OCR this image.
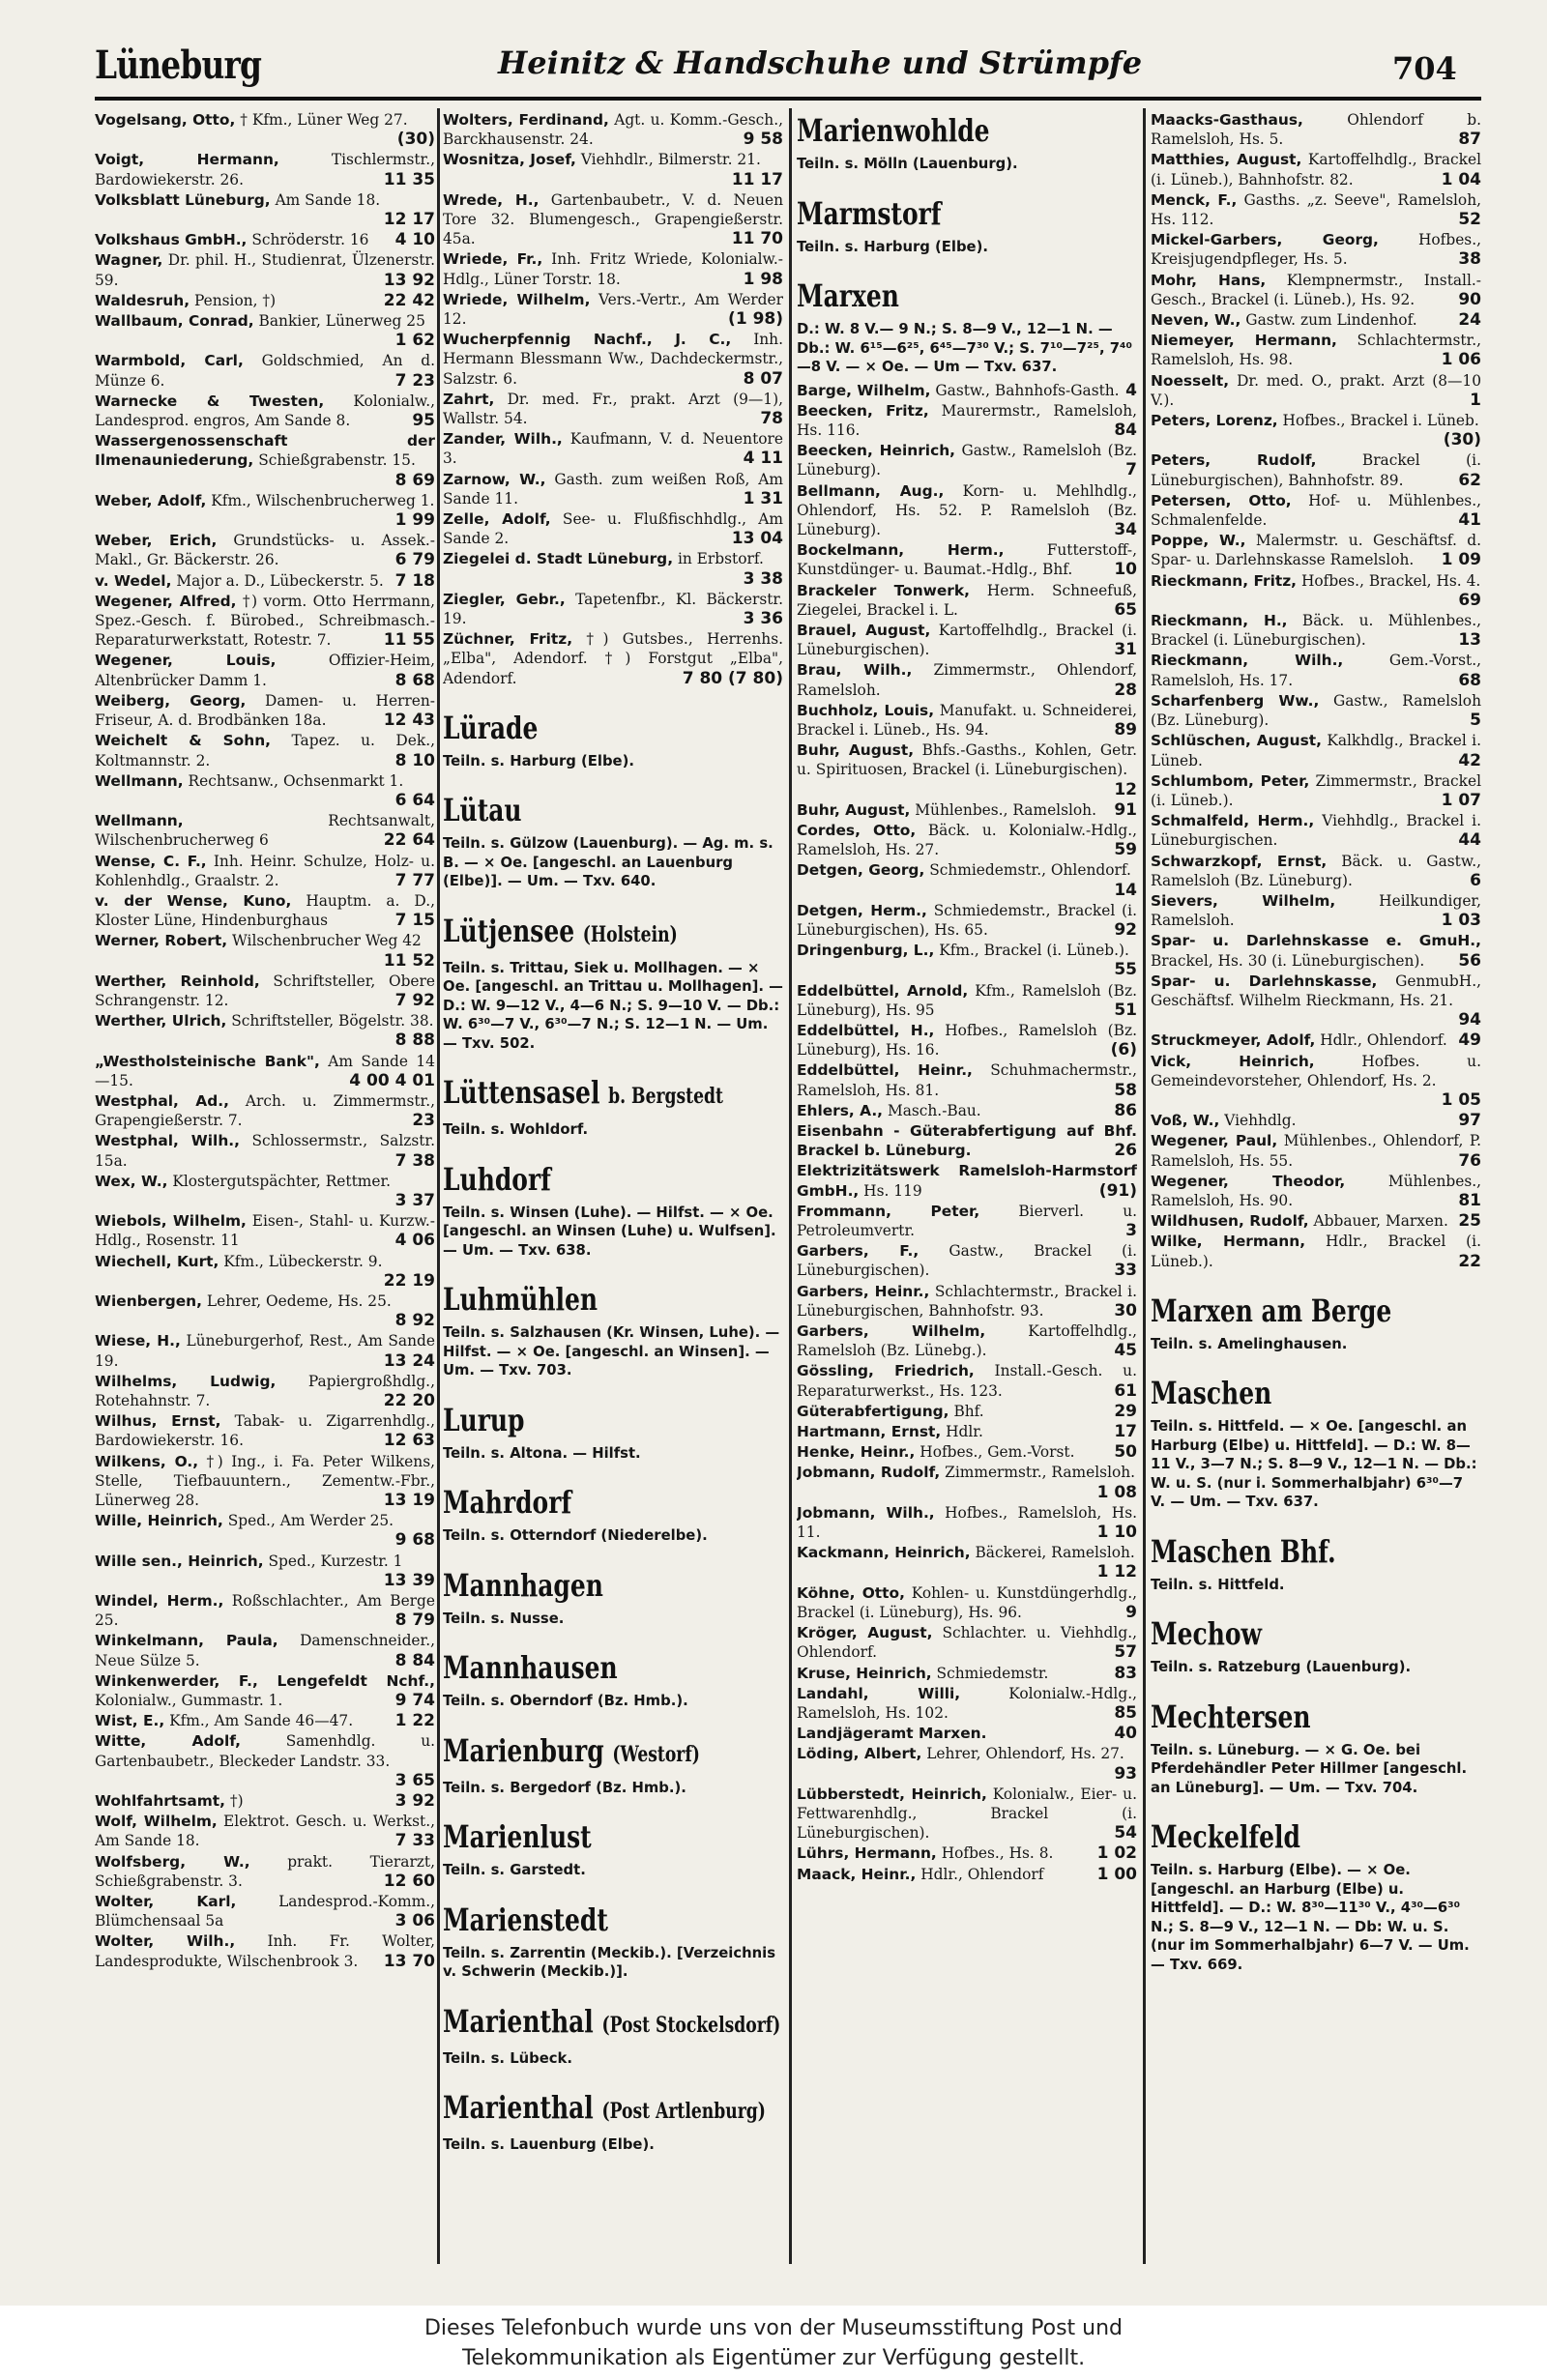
Lüneburg	Heinitz & Handschuhe und Strümpfe	704
Vogelsang, Otto, † Kfm., Lüner Weg 27.
(30)
Voigt, Hermann,	Tischlermstr., Bardowiekerstr. 26.	11 35
Volksblatt Lüneburg, Am Sande 18.
12 17
Volkshaus GmbH., Schröderstr. 16	4 10
Wagner, Dr. phil. H., Studienrat, Ülzenerstr. 59.	13 92
Waldesruh, Pension, †)	22 42
Wallbaum, Conrad, Bankier, Lünerweg 25
1 62
Warmbold, Carl, Goldschmied, An d. Münze 6.	7 23
Warnecke & Twesten, Kolonialw., Landesprod. engros, Am Sande 8.	95
Wassergenossenschaft der Ilmenauniederung, Schießgrabenstr. 15.
8 69
Weber, Adolf, Kfm., Wilschenbrucherweg 1.
1 99
Weber, Erich, Grundstücks- u. Assek.-Makl., Gr. Bäckerstr. 26.	6 79
v. Wedel, Major a. D., Lübeckerstr. 5. 7 18
Wegener, Alfred, †) vorm. Otto Herrmann, Spez.-Gesch. f. Bürobed., Schreibmasch.-Reparaturwerkstatt, Rotestr. 7.	11 55
Wegener, Louis,	Offizier-Heim, Altenbrücker Damm 1.	8 68
Weiberg, Georg, Damen- u. Herren-Friseur, A. d. Brodbänken 18a.	12 43
Weichelt & Sohn, Tapez. u. Dek., Koltmannstr. 2.	8 10
Wellmann, Rechtsanw., Ochsenmarkt 1.
6 64
Wellmann,	Rechtsanwalt, Wilschenbrucherweg 6	22 64
Wense, C. F., Inh. Heinr. Schulze, Holz- u. Kohlenhdlg., Graalstr. 2.	7 77
v. der Wense, Kuno, Hauptm. a. D., Kloster Lüne, Hindenburghaus	7 15
Werner, Robert, Wilschenbrucher Weg 42
11 52
Werther, Reinhold, Schriftsteller, Obere Schrangenstr. 12.	7 92
Werther, Ulrich, Schriftsteller, Bögelstr. 38.
8 88
„Westholsteinische Bank", Am Sande 14—15.	4 00 4 01
Westphal, Ad., Arch. u. Zimmermstr., Grapengießerstr. 7.	23
Westphal, Wilh., Schlossermstr., Salzstr. 15a.	7 38
Wex, W., Klostergutspächter, Rettmer.
3 37
Wiebols, Wilhelm, Eisen-, Stahl- u. Kurzw.-Hdlg., Rosenstr. 11	4 06
Wiechell, Kurt, Kfm., Lübeckerstr. 9.
22 19
Wienbergen, Lehrer, Oedeme, Hs. 25.
8 92
Wiese, H., Lüneburgerhof, Rest., Am Sande 19.	13 24
Wilhelms, Ludwig, Papiergroßhdlg., Rotehahnstr. 7.	22 20
Wilhus, Ernst, Tabak- u. Zigarrenhdlg., Bardowiekerstr. 16.	12 63
Wilkens, O., †) Ing., i. Fa. Peter Wilkens, Stelle, Tiefbauuntern., Zementw.-Fbr., Lünerweg 28.	13 19
Wille, Heinrich, Sped., Am Werder 25.
9 68
Wille sen., Heinrich, Sped., Kurzestr. 1
13 39
Windel, Herm., Roßschlachter., Am Berge 25.	8 79
Winkelmann, Paula, Damenschneider., Neue Sülze 5.	8 84
Winkenwerder, F., Lengefeldt Nchf., Kolonialw., Gummastr. 1.	9 74
Wist, E., Kfm., Am Sande 46—47.	1 22
Witte, Adolf,	Samenhdlg. u. Gartenbaubetr., Bleckeder Landstr. 33.
3 65
Wohlfahrtsamt, †)	3 92
Wolf, Wilhelm, Elektrot. Gesch. u. Werkst., Am Sande 18.	7 33
Wolfsberg, W.,	prakt. Tierarzt, Schießgrabenstr. 3.	12 60
Wolter, Karl,	Landesprod.-Komm., Blümchensaal 5a	3 06
Wolter, Wilh., Inh. Fr. Wolter, Landesprodukte, Wilschenbrook 3.	13 70
Wolters, Ferdinand, Agt. u. Komm.-Gesch., Barckhausenstr. 24.	9 58
Wosnitza, Josef, Viehhdlr., Bilmerstr. 21.
11 17
Wrede, H., Gartenbaubetr., V. d. Neuen Tore 32. Blumengesch., Grapengießerstr. 45a.	11 70
Wriede, Fr., Inh. Fritz Wriede, Kolonialw.-Hdlg., Lüner Torstr. 18.	1 98
Wriede, Wilhelm, Vers.-Vertr., Am Werder 12.	(1 98)
Wucherpfennig Nachf., J. C., Inh. Hermann Blessmann Ww., Dachdeckermstr., Salzstr. 6.	8 07
Zahrt, Dr. med. Fr., prakt. Arzt (9—1), Wallstr. 54.	78
Zander, Wilh., Kaufmann, V. d. Neuentore 3.	4 11
Zarnow, W., Gasth. zum weißen Roß, Am Sande 11.	1 31
Zelle, Adolf, See- u. Flußfischhdlg., Am Sande 2.	13 04
Ziegelei d. Stadt Lüneburg, in Erbstorf.
3 38
Ziegler, Gebr., Tapetenfbr., Kl. Bäckerstr. 19.	3 36
Züchner, Fritz, †) Gutsbes., Herrenhs. „Elba", Adendorf. †) Forstgut „Elba", Adendorf.	7 80 (7 80)
Lürade
Teiln. s. Harburg (Elbe).
Lütau
Teiln. s. Gülzow (Lauenburg). — Ag. m. s. B. — × Oe. [angeschl. an Lauenburg (Elbe)]. — Um. — Txv. 640.
Lütjensee (Holstein)
Teiln. s. Trittau, Siek u. Mollhagen. — × Oe. [angeschl. an Trittau u. Mollhagen]. — D.: W. 9—12 V., 4—6 N.; S. 9—10 V. — Db.: W. 6³⁰—7 V., 6³⁰—7 N.; S. 12—1 N. — Um. — Txv. 502.
Lüttensasel b. Bergstedt
Teiln. s. Wohldorf.
Luhdorf
Teiln. s. Winsen (Luhe). — Hilfst. — × Oe. [angeschl. an Winsen (Luhe) u. Wulfsen]. — Um. — Txv. 638.
Luhmühlen
Teiln. s. Salzhausen (Kr. Winsen, Luhe). — Hilfst. — × Oe. [angeschl. an Winsen]. — Um. — Txv. 703.
Lurup
Teiln. s. Altona. — Hilfst.
Mahrdorf
Teiln. s. Otterndorf (Niederelbe).
Mannhagen
Teiln. s. Nusse.
Mannhausen
Teiln. s. Oberndorf (Bz. Hmb.).
Marienburg (Westorf)
Teiln. s. Bergedorf (Bz. Hmb.).
Marienlust
Teiln. s. Garstedt.
Marienstedt
Teiln. s. Zarrentin (Meckib.). [Verzeichnis v. Schwerin (Meckib.)].
Marienthal (Post Stockelsdorf)
Teiln. s. Lübeck.
Marienthal (Post Artlenburg)
Teiln. s. Lauenburg (Elbe).
Marienwohlde
Teiln. s. Mölln (Lauenburg).
Marmstorf
Teiln. s. Harburg (Elbe).
Marxen
D.: W. 8 V.— 9 N.; S. 8—9 V., 12—1 N. — Db.: W. 6¹⁵—6²⁵, 6⁴⁵—7³⁰ V.; S. 7¹⁰—7²⁵, 7⁴⁰—8 V. — × Oe. — Um — Txv. 637.
Barge, Wilhelm, Gastw., Bahnhofs-Gasth. 4
Beecken, Fritz, Maurermstr., Ramelsloh, Hs. 116.	84
Beecken, Heinrich, Gastw., Ramelsloh (Bz. Lüneburg).	7
Bellmann, Aug., Korn- u. Mehlhdlg., Ohlendorf, Hs. 52. P. Ramelsloh (Bz. Lüneburg).	34
Bockelmann, Herm.,	Futterstoff-, Kunstdünger- u. Baumat.-Hdlg., Bhf.	10
Brackeler Tonwerk, Herm. Schneefuß, Ziegelei, Brackel i. L.	65
Brauel, August, Kartoffelhdlg., Brackel (i. Lüneburgischen).	31
Brau, Wilh., Zimmermstr., Ohlendorf, Ramelsloh.	28
Buchholz, Louis, Manufakt. u. Schneiderei, Brackel i. Lüneb., Hs. 94.	89
Buhr, August, Bhfs.-Gasths., Kohlen, Getr. u. Spirituosen, Brackel (i. Lüneburgischen).
12
Buhr, August, Mühlenbes., Ramelsloh.	91
Cordes, Otto, Bäck. u. Kolonialw.-Hdlg., Ramelsloh, Hs. 27.	59
Detgen, Georg, Schmiedemstr., Ohlendorf.
14
Detgen, Herm., Schmiedemstr., Brackel (i. Lüneburgischen), Hs. 65.	92
Dringenburg, L., Kfm., Brackel (i. Lüneb.).
55
Eddelbüttel, Arnold, Kfm., Ramelsloh (Bz. Lüneburg), Hs. 95	51
Eddelbüttel, H., Hofbes., Ramelsloh (Bz. Lüneburg), Hs. 16.	(6)
Eddelbüttel, Heinr., Schuhmachermstr., Ramelsloh, Hs. 81.	58
Ehlers, A., Masch.-Bau.	86
Eisenbahn - Güterabfertigung auf Bhf. Brackel b. Lüneburg.	26
Elektrizitätswerk Ramelsloh-Harmstorf GmbH., Hs. 119	(91)
Frommann, Peter,	Bierverl. u. Petroleumvertr.	3
Garbers, F., Gastw., Brackel (i. Lüneburgischen).	33
Garbers, Heinr., Schlachtermstr., Brackel i. Lüneburgischen, Bahnhofstr. 93.	30
Garbers, Wilhelm,	Kartoffelhdlg., Ramelsloh (Bz. Lünebg.).	45
Gössling, Friedrich, Install.-Gesch. u. Reparaturwerkst., Hs. 123.	61
Güterabfertigung, Bhf.	29
Hartmann, Ernst, Hdlr.	17
Henke, Heinr., Hofbes., Gem.-Vorst.	50
Jobmann, Rudolf, Zimmermstr., Ramelsloh.
1 08
Jobmann, Wilh., Hofbes., Ramelsloh, Hs. 11.	1 10
Kackmann, Heinrich, Bäckerei, Ramelsloh.
1 12
Köhne, Otto, Kohlen- u. Kunstdüngerhdlg., Brackel (i. Lüneburg), Hs. 96.	9
Kröger, August, Schlachter. u. Viehhdlg., Ohlendorf.	57
Kruse, Heinrich, Schmiedemstr.	83
Landahl, Willi,	Kolonialw.-Hdlg., Ramelsloh, Hs. 102.	85
Landjägeramt Marxen.	40
Löding, Albert, Lehrer, Ohlendorf, Hs. 27.
93
Lübberstedt, Heinrich, Kolonialw., Eier- u. Fettwarenhdlg., Brackel (i. Lüneburgischen).	54
Lührs, Hermann, Hofbes., Hs. 8.	1 02
Maack, Heinr., Hdlr., Ohlendorf	1 00
Maacks-Gasthaus,	Ohlendorf b. Ramelsloh, Hs. 5.	87
Matthies, August, Kartoffelhdlg., Brackel (i. Lüneb.), Bahnhofstr. 82.	1 04
Menck, F., Gasths. „z. Seeve", Ramelsloh, Hs. 112.	52
Mickel-Garbers, Georg,	Hofbes., Kreisjugendpfleger, Hs. 5.	38
Mohr, Hans, Klempnermstr., Install.-Gesch., Brackel (i. Lüneb.), Hs. 92.	90
Neven, W., Gastw. zum Lindenhof.	24
Niemeyer, Hermann, Schlachtermstr., Ramelsloh, Hs. 98.	1 06
Noesselt, Dr. med. O., prakt. Arzt (8—10 V.).	1
Peters, Lorenz, Hofbes., Brackel i. Lüneb.
(30)
Peters, Rudolf,	Brackel (i. Lüneburgischen), Bahnhofstr. 89.	62
Petersen, Otto, Hof- u. Mühlenbes., Schmalenfelde.	41
Poppe, W., Malermstr. u. Geschäftsf. d. Spar- u. Darlehnskasse Ramelsloh.	1 09
Rieckmann, Fritz, Hofbes., Brackel, Hs. 4.
69
Rieckmann, H., Bäck. u. Mühlenbes., Brackel (i. Lüneburgischen).	13
Rieckmann, Wilh.,	Gem.-Vorst., Ramelsloh, Hs. 17.	68
Scharfenberg Ww., Gastw., Ramelsloh (Bz. Lüneburg).	5
Schlüschen, August, Kalkhdlg., Brackel i. Lüneb.	42
Schlumbom, Peter, Zimmermstr., Brackel (i. Lüneb.).	1 07
Schmalfeld, Herm., Viehhdlg., Brackel i. Lüneburgischen.	44
Schwarzkopf, Ernst, Bäck. u. Gastw., Ramelsloh (Bz. Lüneburg).	6
Sievers, Wilhelm,	Heilkundiger, Ramelsloh.	1 03
Spar- u. Darlehnskasse e. GmuH., Brackel, Hs. 30 (i. Lüneburgischen).	56
Spar- u. Darlehnskasse, GenmubH., Geschäftsf. Wilhelm Rieckmann, Hs. 21.
94
Struckmeyer, Adolf, Hdlr., Ohlendorf. 49
Vick, Heinrich,	Hofbes. u. Gemeindevorsteher, Ohlendorf, Hs. 2.
1 05
Voß, W., Viehhdlg.	97
Wegener, Paul, Mühlenbes., Ohlendorf, P. Ramelsloh, Hs. 55.	76
Wegener, Theodor,	Mühlenbes., Ramelsloh, Hs. 90.	81
Wildhusen, Rudolf, Abbauer, Marxen. 25
Wilke, Hermann, Hdlr., Brackel (i. Lüneb.).	22
Marxen am Berge
Teiln. s. Amelinghausen.
Maschen
Teiln. s. Hittfeld. — × Oe. [angeschl. an Harburg (Elbe) u. Hittfeld]. — D.: W. 8—11 V., 3—7 N.; S. 8—9 V., 12—1 N. — Db.: W. u. S. (nur i. Sommerhalbjahr) 6³⁰—7 V. — Um. — Txv. 637.
Maschen Bhf.
Teiln. s. Hittfeld.
Mechow
Teiln. s. Ratzeburg (Lauenburg).
Mechtersen
Teiln. s. Lüneburg. — × G. Oe. bei Pferdehändler Peter Hillmer [angeschl. an Lüneburg]. — Um. — Txv. 704.
Meckelfeld
Teiln. s. Harburg (Elbe). — × Oe. [angeschl. an Harburg (Elbe) u. Hittfeld]. — D.: W. 8³⁰—11³⁰ V., 4³⁰—6³⁰ N.; S. 8—9 V., 12—1 N. — Db: W. u. S. (nur im Sommerhalbjahr) 6—7 V. — Um. — Txv. 669.
Dieses Telefonbuch wurde uns von der Museumsstiftung Post und
Telekommunikation als Eigentümer zur Verfügung gestellt.
